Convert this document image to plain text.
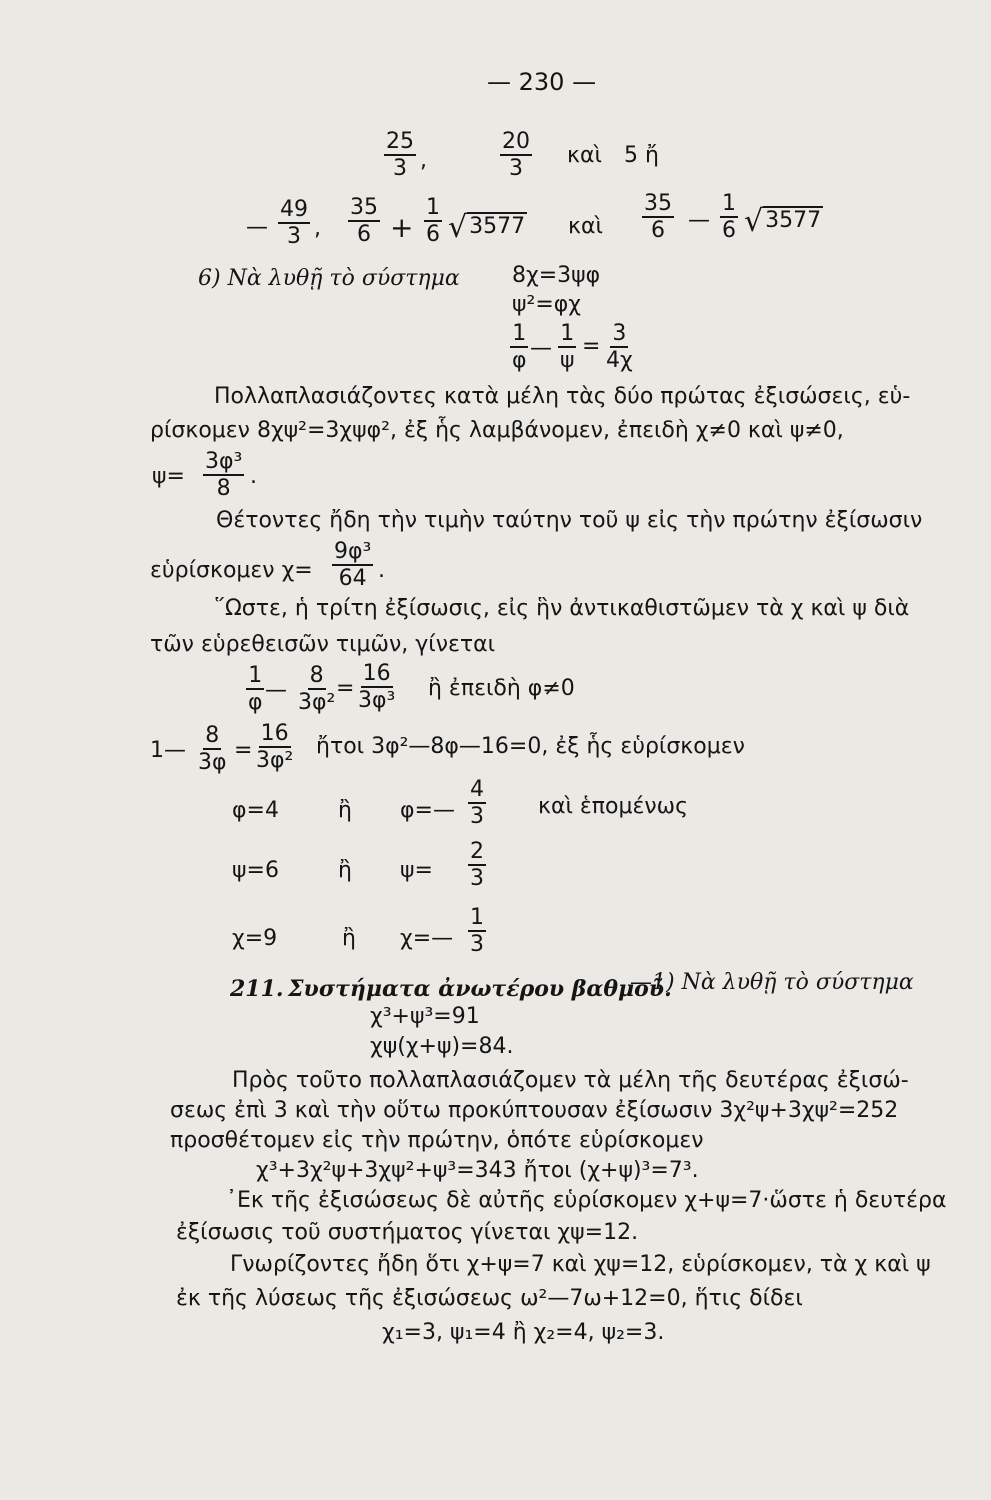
— 230 —
$\frac{25}{3}$ ,	$\frac{20}{3}$ καὶ 5 ἤ
— $\frac{49}{3}$ , $\frac{35}{6} + \frac{1}{6} √3577$ καὶ $\frac{35}{6}$ — $\frac{1}{6} √3577$
6) Νὰ λυθῇ τὸ σύστημα 8χ=3ψφ
ψ²=φχ
$\frac{1}{\varphi}$ — $\frac{1}{\psi} = \frac{3}{4\chi}$
Πολλαπλασιάζοντες κατὰ μέλη τὰς δύο πρώτας ἐξισώσεις, εὑ-
ρίσκομεν 8χψ²=3χψφ², ἐξ ἧς λαμβάνομεν, ἐπειδὴ χ≠0 καὶ ψ≠0,
$\psi= \frac{\text{3φ³}}{8}$ .
Θέτοντες ἤδη τὴν τιμὴν ταύτην τοῦ ψ εἰς τὴν πρώτην ἐξίσωσιν
εὑρίσκομεν $\chi= \frac{\text{9φ³}}{64}$ .
῞Ωστε, ἡ τρίτη ἐξίσωσις, εἰς ἣν ἀντικαθιστῶμεν τὰ χ καὶ ψ διὰ
τῶν εὑρεθεισῶν τιμῶν, γίνεται
$\frac{1}{\varphi}$ — $\frac{8}{\text{3φ²}}$
= $\frac{16}{\text{3φ³}}$ ἢ ἐπειδὴ φ≠0
1— $\frac{8}{3\varphi} = \frac{16}{\text{3φ²}}$ ἤτοι 3φ²—8φ—16=0, ἐξ ἧς εὑρίσκομεν
φ=4	ἢ φ=— $\frac{4}{3}$ καὶ ἑπομένως
ψ=6	ἢ $\psi= \frac{2}{3}$
χ=9	ἢ χ=— $\frac{1}{3}$
211. Συστήματα ἀνωτέρου βαθμοῦ.
—1) Νὰ λυθῇ τὸ σύστημα
χ³+ψ³=91
χψ(χ+ψ)=84.
Πρὸς τοῦτο πολλαπλασιάζομεν τὰ μέλη τῆς δευτέρας ἐξισώ-
σεως ἐπὶ 3 καὶ τὴν οὕτω προκύπτουσαν ἐξίσωσιν 3χ²ψ+3χψ²=252
προσθέτομεν εἰς τὴν πρώτην, ὁπότε εὑρίσκομεν
χ³+3χ²ψ+3χψ²+ψ³=343 ἤτοι (χ+ψ)³=7³.
᾿Εκ τῆς ἐξισώσεως δὲ αὐτῆς εὑρίσκομεν χ+ψ=7·ὥστε ἡ δευτέρα
ἐξίσωσις τοῦ συστήματος γίνεται χψ=12.
Γνωρίζοντες ἤδη ὅτι χ+ψ=7 καὶ χψ=12, εὑρίσκομεν, τὰ χ καὶ ψ
ἐκ τῆς λύσεως τῆς ἐξισώσεως ω²—7ω+12=0, ἥτις δίδει
χ₁=3, ψ₁=4 ἢ χ₂=4, ψ₂=3.
